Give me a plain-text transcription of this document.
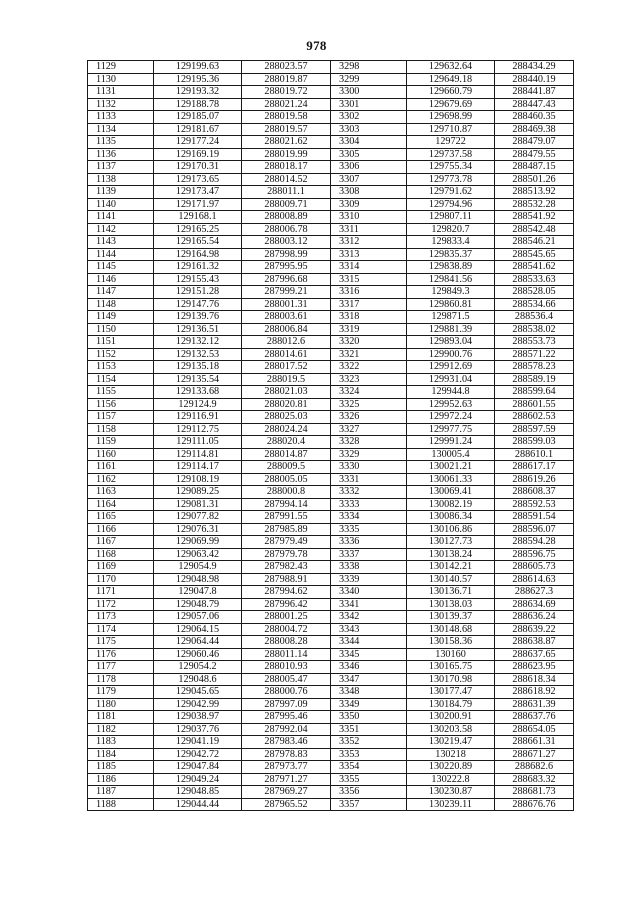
978
1129	129199.63	288023.57	3298	129632.64	288434.29
1130	129195.36	288019.87	3299	129649.18	288440.19
1131	129193.32	288019.72	3300	129660.79	288441.87
1132	129188.78	288021.24	3301	129679.69	288447.43
1133	129185.07	288019.58	3302	129698.99	288460.35
1134	129181.67	288019.57	3303	129710.87	288469.38
1135	129177.24	288021.62	3304	129722	288479.07
1136	129169.19	288019.99	3305	129737.58	288479.55
1137	129170.31	288018.17	3306	129755.34	288487.15
1138	129173.65	288014.52	3307	129773.78	288501.26
1139	129173.47	288011.1	3308	129791.62	288513.92
1140	129171.97	288009.71	3309	129794.96	288532.28
1141	129168.1	288008.89	3310	129807.11	288541.92
1142	129165.25	288006.78	3311	129820.7	288542.48
1143	129165.54	288003.12	3312	129833.4	288546.21
1144	129164.98	287998.99	3313	129835.37	288545.65
1145	129161.32	287995.95	3314	129838.89	288541.62
1146	129155.43	287996.68	3315	129841.56	288533.63
1147	129151.28	287999.21	3316	129849.3	288528.05
1148	129147.76	288001.31	3317	129860.81	288534.66
1149	129139.76	288003.61	3318	129871.5	288536.4
1150	129136.51	288006.84	3319	129881.39	288538.02
1151	129132.12	288012.6	3320	129893.04	288553.73
1152	129132.53	288014.61	3321	129900.76	288571.22
1153	129135.18	288017.52	3322	129912.69	288578.23
1154	129135.54	288019.5	3323	129931.04	288589.19
1155	129133.68	288021.03	3324	129944.8	288599.64
1156	129124.9	288020.81	3325	129952.63	288601.55
1157	129116.91	288025.03	3326	129972.24	288602.53
1158	129112.75	288024.24	3327	129977.75	288597.59
1159	129111.05	288020.4	3328	129991.24	288599.03
1160	129114.81	288014.87	3329	130005.4	288610.1
1161	129114.17	288009.5	3330	130021.21	288617.17
1162	129108.19	288005.05	3331	130061.33	288619.26
1163	129089.25	288000.8	3332	130069.41	288608.37
1164	129081.31	287994.14	3333	130082.19	288592.53
1165	129077.82	287991.55	3334	130086.34	288591.54
1166	129076.31	287985.89	3335	130106.86	288596.07
1167	129069.99	287979.49	3336	130127.73	288594.28
1168	129063.42	287979.78	3337	130138.24	288596.75
1169	129054.9	287982.43	3338	130142.21	288605.73
1170	129048.98	287988.91	3339	130140.57	288614.63
1171	129047.8	287994.62	3340	130136.71	288627.3
1172	129048.79	287996.42	3341	130138.03	288634.69
1173	129057.06	288001.25	3342	130139.37	288636.24
1174	129064.15	288004.72	3343	130148.68	288639.22
1175	129064.44	288008.28	3344	130158.36	288638.87
1176	129060.46	288011.14	3345	130160	288637.65
1177	129054.2	288010.93	3346	130165.75	288623.95
1178	129048.6	288005.47	3347	130170.98	288618.34
1179	129045.65	288000.76	3348	130177.47	288618.92
1180	129042.99	287997.09	3349	130184.79	288631.39
1181	129038.97	287995.46	3350	130200.91	288637.76
1182	129037.76	287992.04	3351	130203.58	288654.05
1183	129041.19	287983.46	3352	130219.47	288661.31
1184	129042.72	287978.83	3353	130218	288671.27
1185	129047.84	287973.77	3354	130220.89	288682.6
1186	129049.24	287971.27	3355	130222.8	288683.32
1187	129048.85	287969.27	3356	130230.87	288681.73
1188	129044.44	287965.52	3357	130239.11	288676.76
